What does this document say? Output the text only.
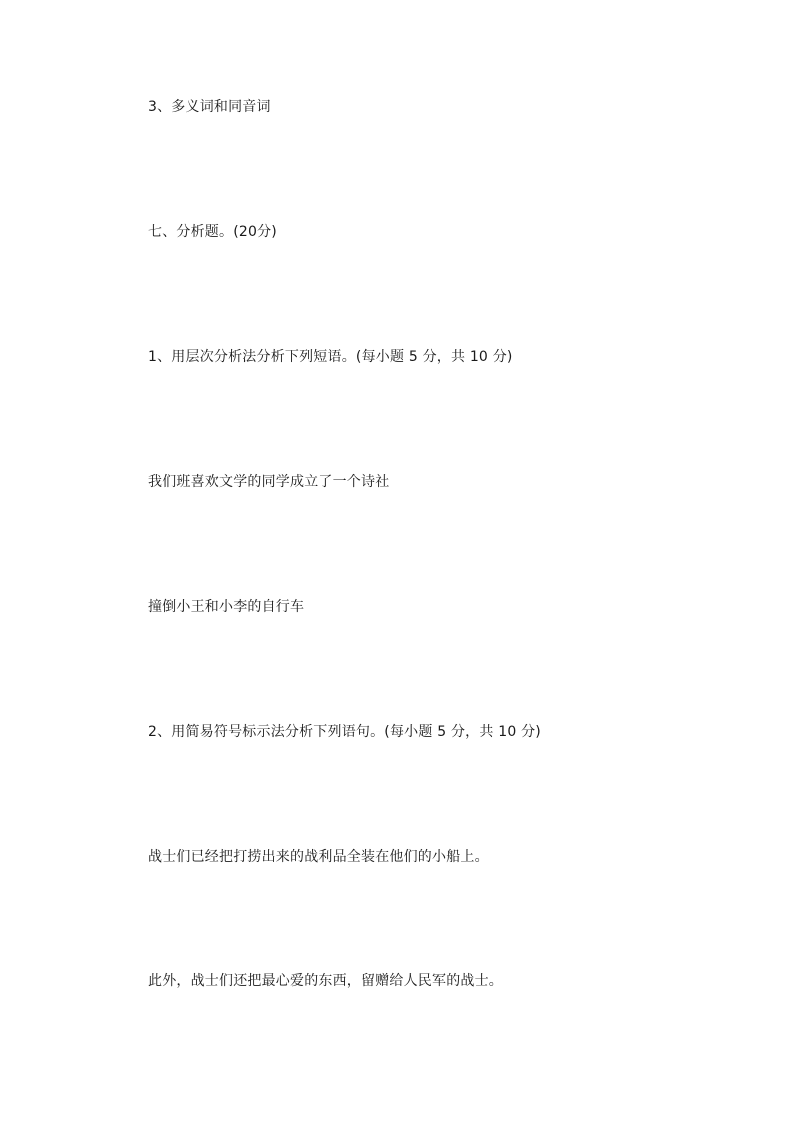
3、多义词和同音词
七、分析题。(20分)
1、用层次分析法分析下列短语。(每小题 5 分，共 10 分)
我们班喜欢文学的同学成立了一个诗社
撞倒小王和小李的自行车
2、用简易符号标示法分析下列语句。(每小题 5 分，共 10 分)
战士们已经把打捞出来的战利品全装在他们的小船上。
此外，战士们还把最心爱的东西，留赠给人民军的战士。
